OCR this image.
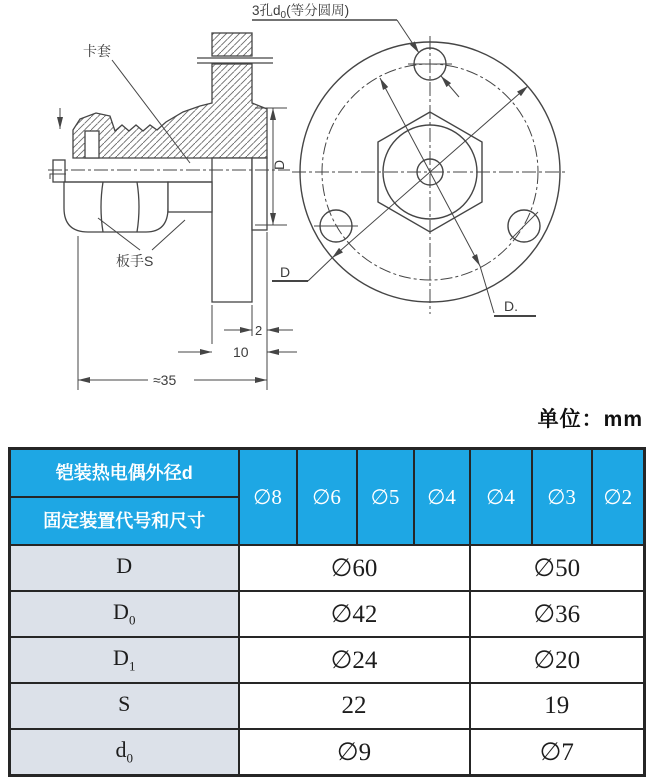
卡套
板手S
D
2
10
≈35
3孔$d_0$(等分圆周)
D
D.
单位：mm
铠装热电偶外径d
固定装置代号和尺寸	∅8	∅6	∅5	∅4	∅4	∅3	∅2
D	∅60				∅50		
$D_0$	∅42				∅36		
$D_1$	∅24				∅20		
S	22				19		
$d_0$	∅9				∅7		
